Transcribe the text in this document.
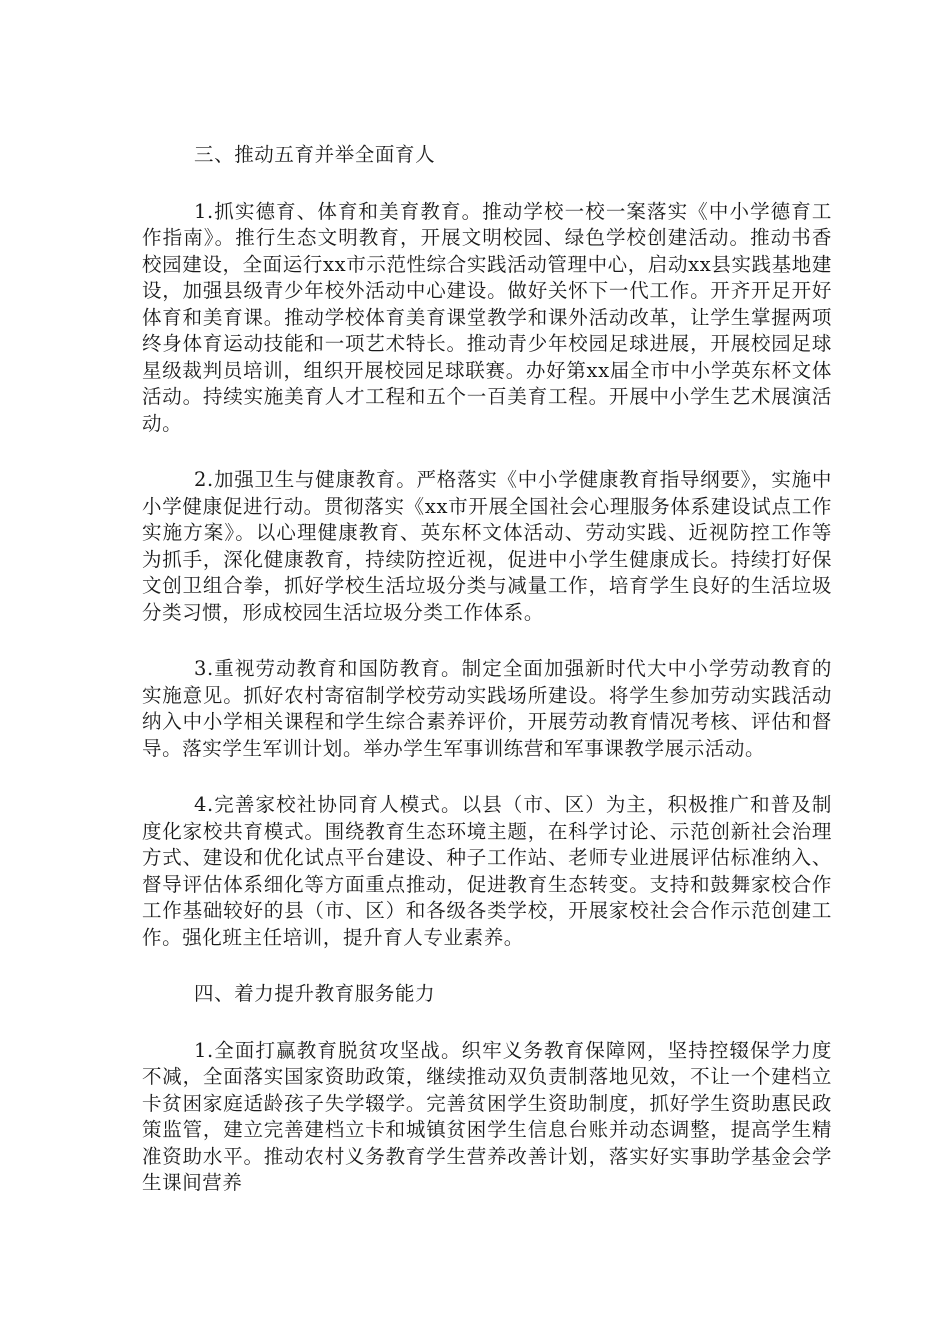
三、推动五育并举全面育人

1.抓实德育、体育和美育教育。推动学校一校一案落实《中小学德育工作指南》。推行生态文明教育，开展文明校园、绿色学校创建活动。推动书香校园建设，全面运行xx市示范性综合实践活动管理中心，启动xx县实践基地建设，加强县级青少年校外活动中心建设。做好关怀下一代工作。开齐开足开好体育和美育课。推动学校体育美育课堂教学和课外活动改革，让学生掌握两项终身体育运动技能和一项艺术特长。推动青少年校园足球进展，开展校园足球星级裁判员培训，组织开展校园足球联赛。办好第xx届全市中小学英东杯文体活动。持续实施美育人才工程和五个一百美育工程。开展中小学生艺术展演活动。

2.加强卫生与健康教育。严格落实《中小学健康教育指导纲要》，实施中小学健康促进行动。贯彻落实《xx市开展全国社会心理服务体系建设试点工作实施方案》。以心理健康教育、英东杯文体活动、劳动实践、近视防控工作等为抓手，深化健康教育，持续防控近视，促进中小学生健康成长。持续打好保文创卫组合拳，抓好学校生活垃圾分类与减量工作，培育学生良好的生活垃圾分类习惯，形成校园生活垃圾分类工作体系。

3.重视劳动教育和国防教育。制定全面加强新时代大中小学劳动教育的实施意见。抓好农村寄宿制学校劳动实践场所建设。将学生参加劳动实践活动纳入中小学相关课程和学生综合素养评价，开展劳动教育情况考核、评估和督导。落实学生军训计划。举办学生军事训练营和军事课教学展示活动。

4.完善家校社协同育人模式。以县（市、区）为主，积极推广和普及制度化家校共育模式。围绕教育生态环境主题，在科学讨论、示范创新社会治理方式、建设和优化试点平台建设、种子工作站、老师专业进展评估标准纳入、督导评估体系细化等方面重点推动，促进教育生态转变。支持和鼓舞家校合作工作基础较好的县（市、区）和各级各类学校，开展家校社会合作示范创建工作。强化班主任培训，提升育人专业素养。

四、着力提升教育服务能力

1.全面打赢教育脱贫攻坚战。织牢义务教育保障网，坚持控辍保学力度不减，全面落实国家资助政策，继续推动双负责制落地见效，不让一个建档立卡贫困家庭适龄孩子失学辍学。完善贫困学生资助制度，抓好学生资助惠民政策监管，建立完善建档立卡和城镇贫困学生信息台账并动态调整，提高学生精准资助水平。推动农村义务教育学生营养改善计划，落实好实事助学基金会学生课间营养
